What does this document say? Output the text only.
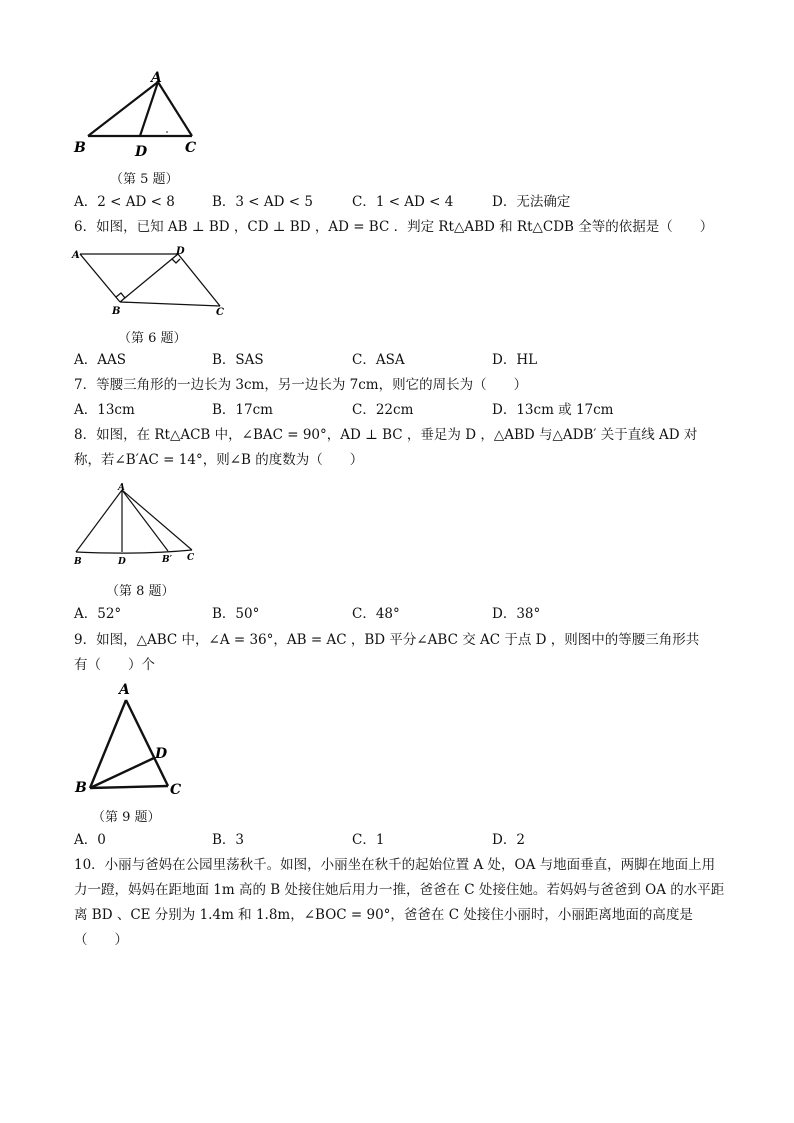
A
B	D	C
（第 5 题）
A．2 < AD < 8	B．3 < AD < 5	C．1 < AD < 4	D．无法确定
6．如图，已知 AB ⊥ BD ，CD ⊥ BD ，AD = BC ．判定 Rt△ABD 和 Rt△CDB 全等的依据是（　　）
A	D
B	C
（第 6 题）
A．AAS	B．SAS	C．ASA	D．HL
7．等腰三角形的一边长为 3cm，另一边长为 7cm，则它的周长为（　　）
A．13cm	B．17cm	C．22cm	D．13cm 或 17cm
8．如图，在 Rt△ACB 中，∠BAC = 90°，AD ⊥ BC ，垂足为 D ，△ABD 与△ADB′ 关于直线 AD 对
称，若∠B′AC = 14°，则∠B 的度数为（　　）
A
B	D	B′ C
（第 8 题）
A．52°	B．50°	C．48°	D．38°
9．如图，△ABC 中，∠A = 36°，AB = AC ，BD 平分∠ABC 交 AC 于点 D ，则图中的等腰三角形共
有（　　）个
A
D
B	C
（第 9 题）
A．0	B．3	C．1	D．2
10．小丽与爸妈在公园里荡秋千。如图，小丽坐在秋千的起始位置 A 处，OA 与地面垂直，两脚在地面上用
力一蹬，妈妈在距地面 1m 高的 B 处接住她后用力一推，爸爸在 C 处接住她。若妈妈与爸爸到 OA 的水平距
离 BD 、CE 分别为 1.4m 和 1.8m，∠BOC = 90°，爸爸在 C 处接住小丽时，小丽距离地面的高度是
（　　）
